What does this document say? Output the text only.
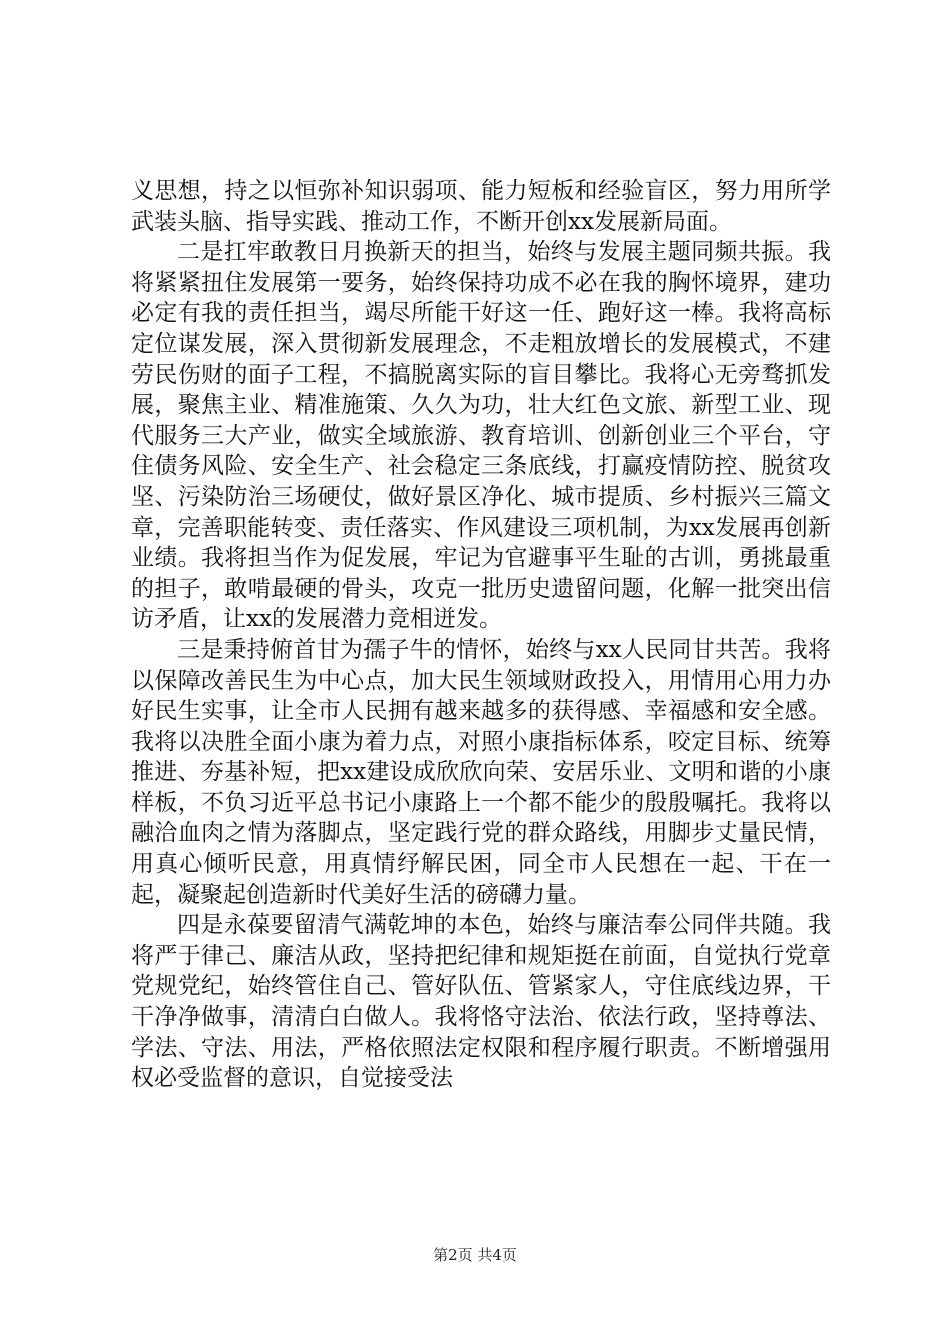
义思想，持之以恒弥补知识弱项、能力短板和经验盲区，努力用所学武装头脑、指导实践、推动工作，不断开创xx发展新局面。

二是扛牢敢教日月换新天的担当，始终与发展主题同频共振。我将紧紧扭住发展第一要务，始终保持功成不必在我的胸怀境界，建功必定有我的责任担当，竭尽所能干好这一任、跑好这一棒。我将高标定位谋发展，深入贯彻新发展理念，不走粗放增长的发展模式，不建劳民伤财的面子工程，不搞脱离实际的盲目攀比。我将心无旁骛抓发展，聚焦主业、精准施策、久久为功，壮大红色文旅、新型工业、现代服务三大产业，做实全域旅游、教育培训、创新创业三个平台，守住债务风险、安全生产、社会稳定三条底线，打赢疫情防控、脱贫攻坚、污染防治三场硬仗，做好景区净化、城市提质、乡村振兴三篇文章，完善职能转变、责任落实、作风建设三项机制，为xx发展再创新业绩。我将担当作为促发展，牢记为官避事平生耻的古训，勇挑最重的担子，敢啃最硬的骨头，攻克一批历史遗留问题，化解一批突出信访矛盾，让xx的发展潜力竞相迸发。

三是秉持俯首甘为孺子牛的情怀，始终与xx人民同甘共苦。我将以保障改善民生为中心点，加大民生领域财政投入，用情用心用力办好民生实事，让全市人民拥有越来越多的获得感、幸福感和安全感。我将以决胜全面小康为着力点，对照小康指标体系，咬定目标、统筹推进、夯基补短，把xx建设成欣欣向荣、安居乐业、文明和谐的小康样板，不负习近平总书记小康路上一个都不能少的殷殷嘱托。我将以融洽血肉之情为落脚点，坚定践行党的群众路线，用脚步丈量民情，用真心倾听民意，用真情纾解民困，同全市人民想在一起、干在一起，凝聚起创造新时代美好生活的磅礴力量。

四是永葆要留清气满乾坤的本色，始终与廉洁奉公同伴共随。我将严于律己、廉洁从政，坚持把纪律和规矩挺在前面，自觉执行党章党规党纪，始终管住自己、管好队伍、管紧家人，守住底线边界，干干净净做事，清清白白做人。我将恪守法治、依法行政，坚持尊法、学法、守法、用法，严格依照法定权限和程序履行职责。不断增强用权必受监督的意识，自觉接受法

第2页 共4页
